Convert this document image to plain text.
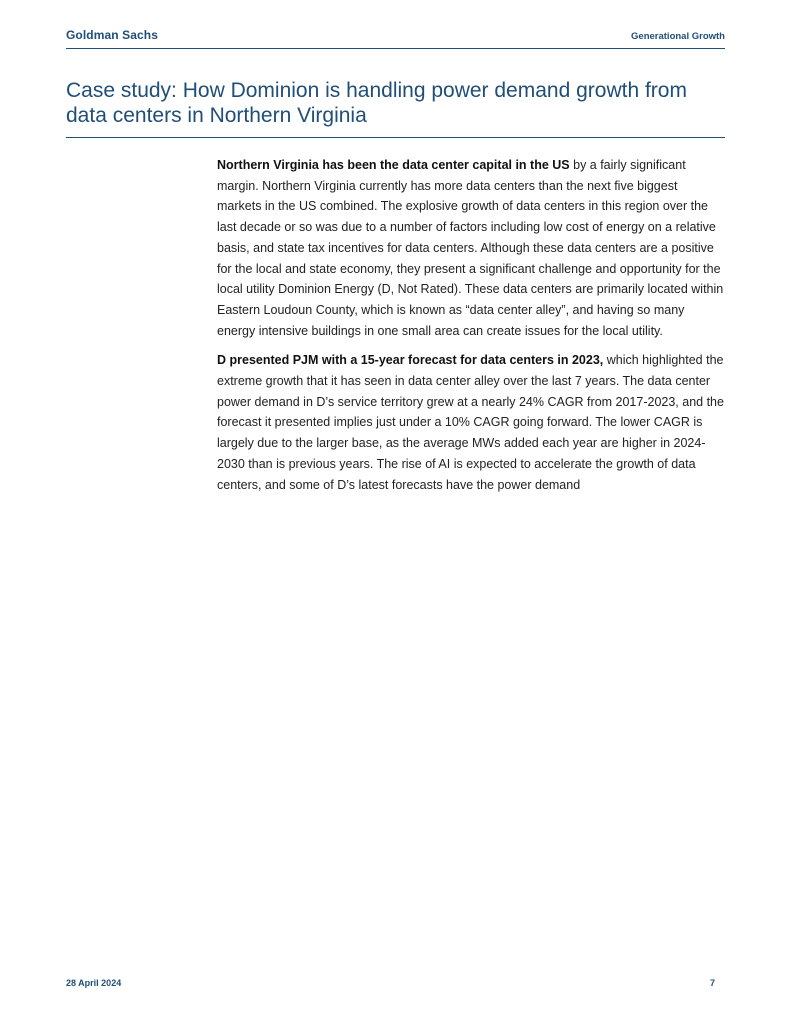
Goldman Sachs	Generational Growth
Case study: How Dominion is handling power demand growth from data centers in Northern Virginia

Northern Virginia has been the data center capital in the US by a fairly significant margin. Northern Virginia currently has more data centers than the next five biggest markets in the US combined. The explosive growth of data centers in this region over the last decade or so was due to a number of factors including low cost of energy on a relative basis, and state tax incentives for data centers. Although these data centers are a positive for the local and state economy, they present a significant challenge and opportunity for the local utility Dominion Energy (D, Not Rated). These data centers are primarily located within Eastern Loudoun County, which is known as “data center alley”, and having so many energy intensive buildings in one small area can create issues for the local utility.

D presented PJM with a 15-year forecast for data centers in 2023, which highlighted the extreme growth that it has seen in data center alley over the last 7 years. The data center power demand in D’s service territory grew at a nearly 24% CAGR from 2017-2023, and the forecast it presented implies just under a 10% CAGR going forward. The lower CAGR is largely due to the larger base, as the average MWs added each year are higher in 2024-2030 than is previous years. The rise of AI is expected to accelerate the growth of data centers, and some of D’s latest forecasts have the power demand

28 April 2024	7
